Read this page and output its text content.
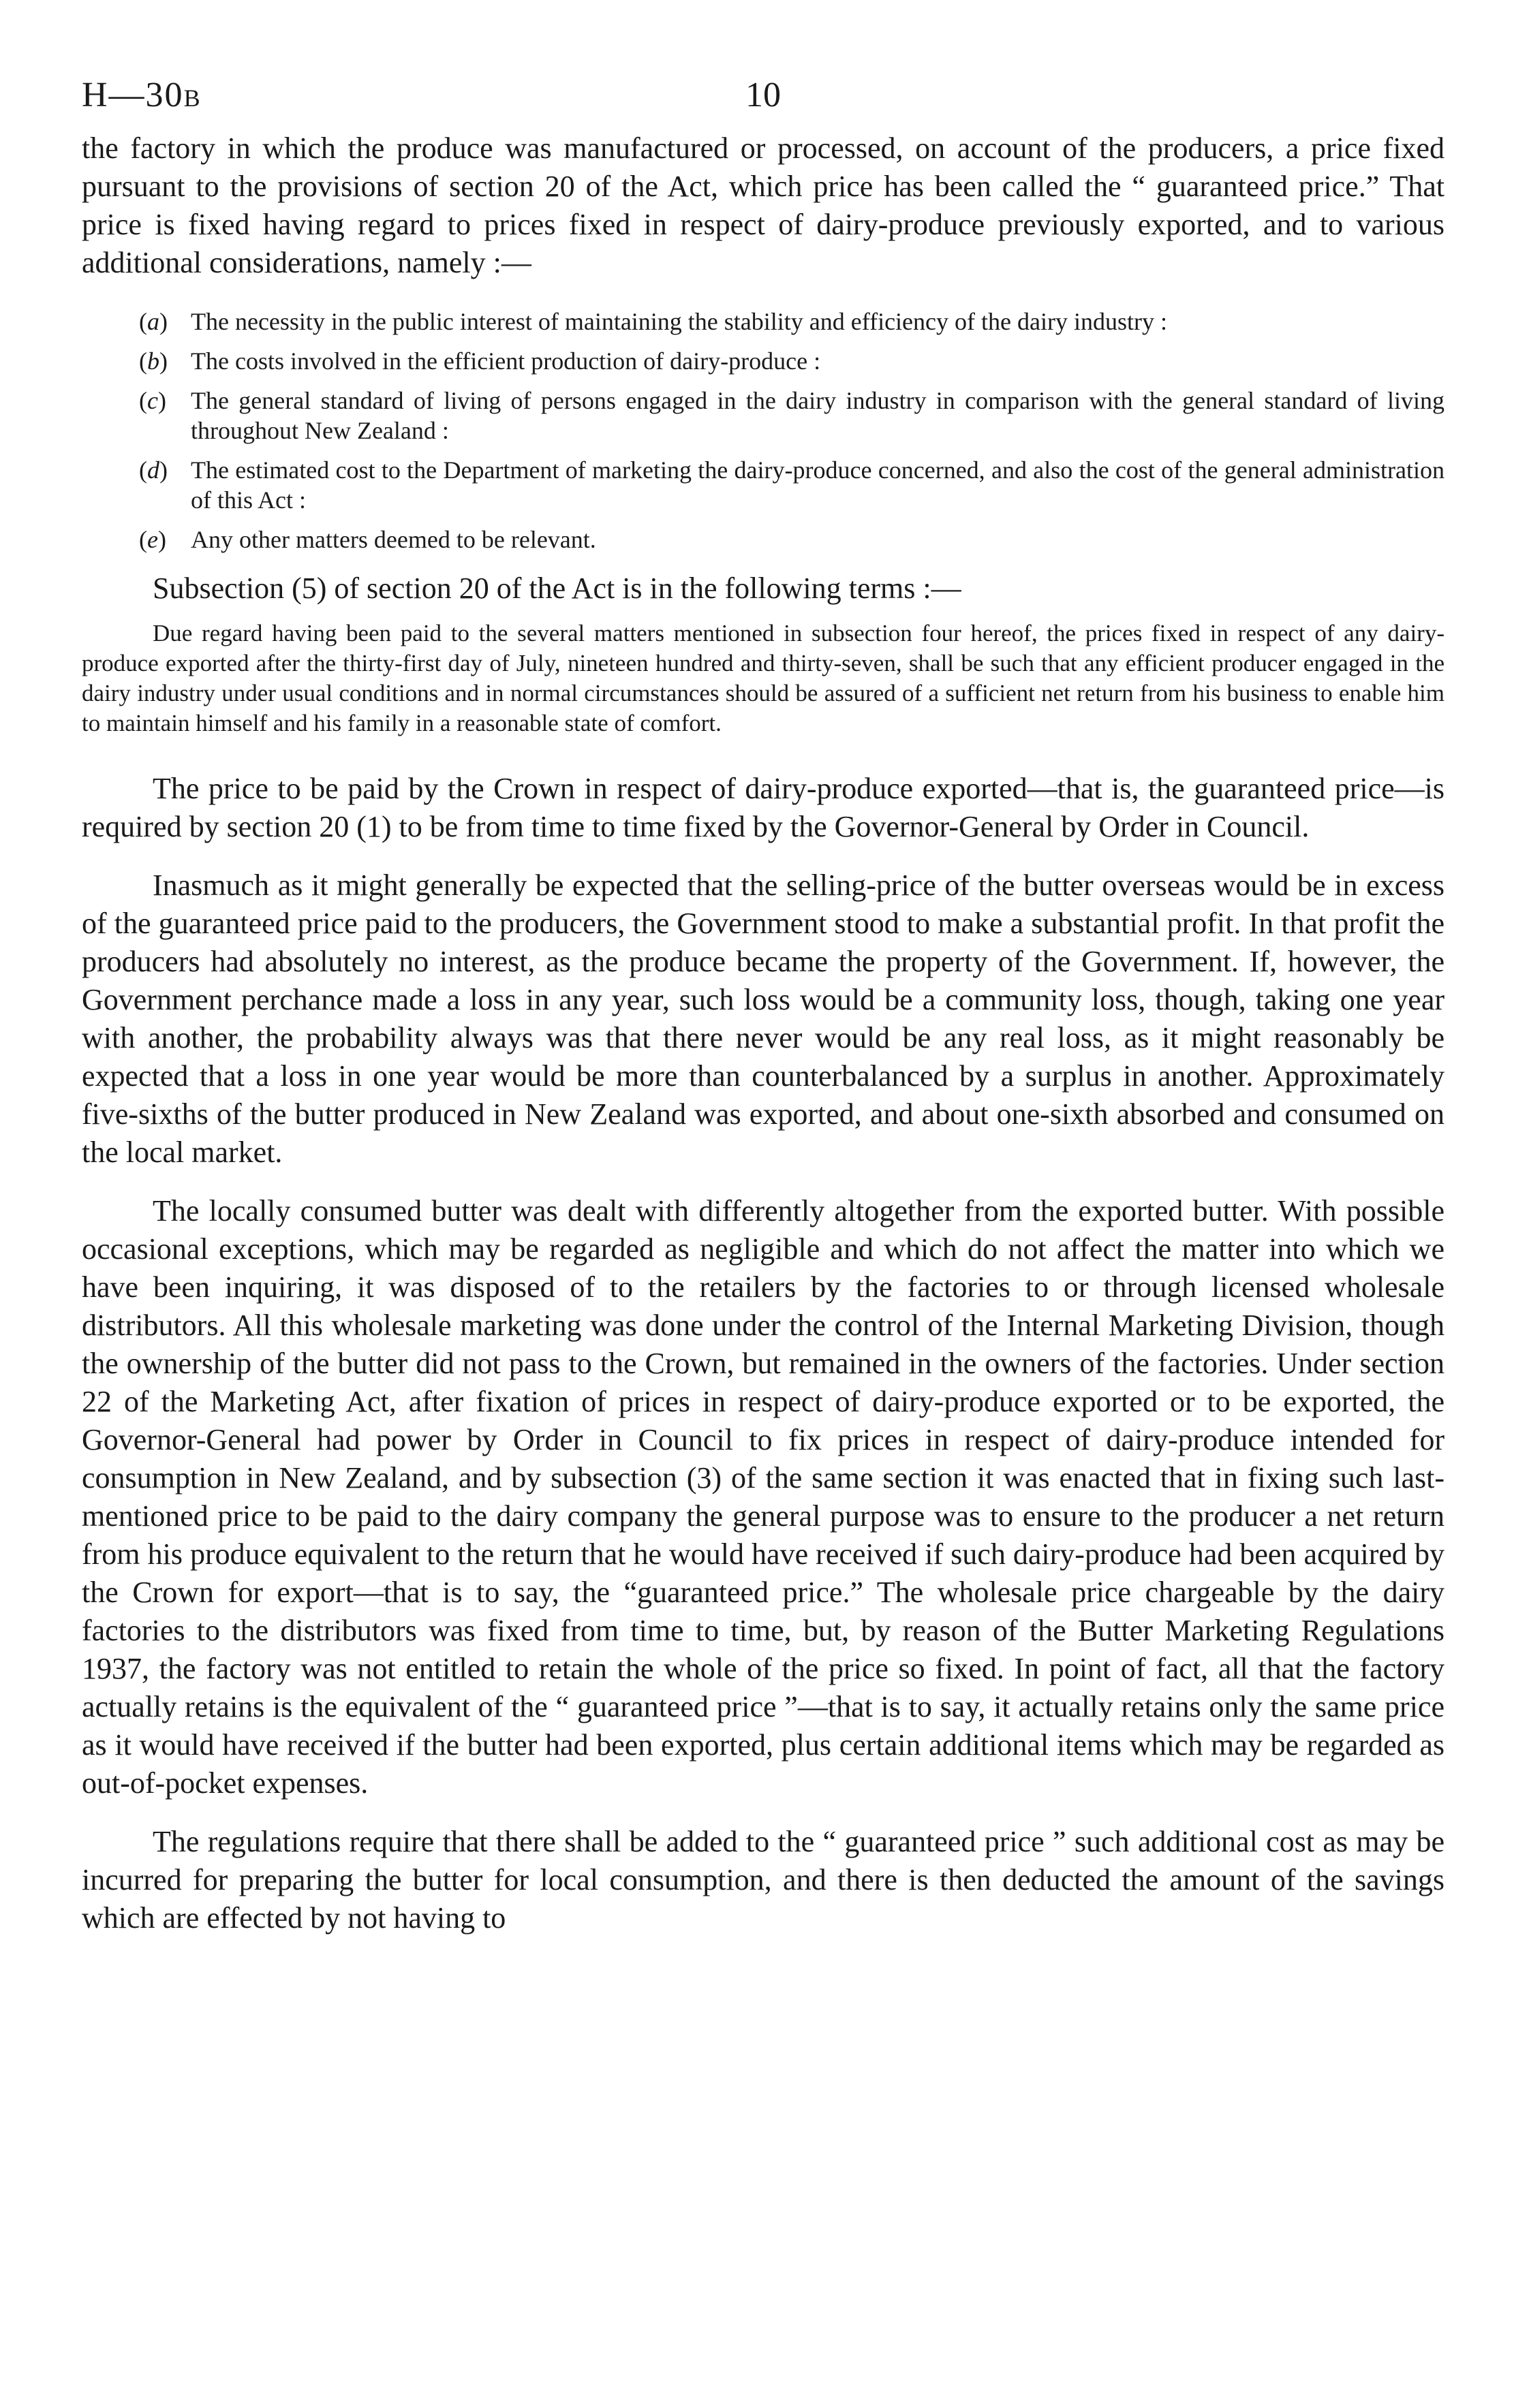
H—30B	10

the factory in which the produce was manufactured or processed, on account of the producers, a price fixed pursuant to the provisions of section 20 of the Act, which price has been called the “ guaranteed price.” That price is fixed having regard to prices fixed in respect of dairy-produce previously exported, and to various additional considerations, namely :—

(a) The necessity in the public interest of maintaining the stability and efficiency of the dairy industry :
(b) The costs involved in the efficient production of dairy-produce :
(c) The general standard of living of persons engaged in the dairy industry in comparison with the general standard of living throughout New Zealand :
(d) The estimated cost to the Department of marketing the dairy-produce concerned, and also the cost of the general administration of this Act :
(e) Any other matters deemed to be relevant.

Subsection (5) of section 20 of the Act is in the following terms :—

Due regard having been paid to the several matters mentioned in subsection four hereof, the prices fixed in respect of any dairy-produce exported after the thirty-first day of July, nineteen hundred and thirty-seven, shall be such that any efficient producer engaged in the dairy industry under usual conditions and in normal circumstances should be assured of a sufficient net return from his business to enable him to maintain himself and his family in a reasonable state of comfort.

The price to be paid by the Crown in respect of dairy-produce exported—that is, the guaranteed price—is required by section 20 (1) to be from time to time fixed by the Governor-General by Order in Council.

Inasmuch as it might generally be expected that the selling-price of the butter overseas would be in excess of the guaranteed price paid to the producers, the Government stood to make a substantial profit. In that profit the producers had absolutely no interest, as the produce became the property of the Government. If, however, the Government perchance made a loss in any year, such loss would be a community loss, though, taking one year with another, the probability always was that there never would be any real loss, as it might reasonably be expected that a loss in one year would be more than counterbalanced by a surplus in another. Approximately five-sixths of the butter produced in New Zealand was exported, and about one-sixth absorbed and consumed on the local market.

The locally consumed butter was dealt with differently altogether from the exported butter. With possible occasional exceptions, which may be regarded as negligible and which do not affect the matter into which we have been inquiring, it was disposed of to the retailers by the factories to or through licensed wholesale distributors. All this wholesale marketing was done under the control of the Internal Marketing Division, though the ownership of the butter did not pass to the Crown, but remained in the owners of the factories. Under section 22 of the Marketing Act, after fixation of prices in respect of dairy-produce exported or to be exported, the Governor-General had power by Order in Council to fix prices in respect of dairy-produce intended for consumption in New Zealand, and by subsection (3) of the same section it was enacted that in fixing such last-mentioned price to be paid to the dairy company the general purpose was to ensure to the producer a net return from his produce equivalent to the return that he would have received if such dairy-produce had been acquired by the Crown for export—that is to say, the “guaranteed price.” The wholesale price chargeable by the dairy factories to the distributors was fixed from time to time, but, by reason of the Butter Marketing Regulations 1937, the factory was not entitled to retain the whole of the price so fixed. In point of fact, all that the factory actually retains is the equivalent of the “ guaranteed price ”—that is to say, it actually retains only the same price as it would have received if the butter had been exported, plus certain additional items which may be regarded as out-of-pocket expenses.

The regulations require that there shall be added to the “ guaranteed price ” such additional cost as may be incurred for preparing the butter for local consumption, and there is then deducted the amount of the savings which are effected by not having to
